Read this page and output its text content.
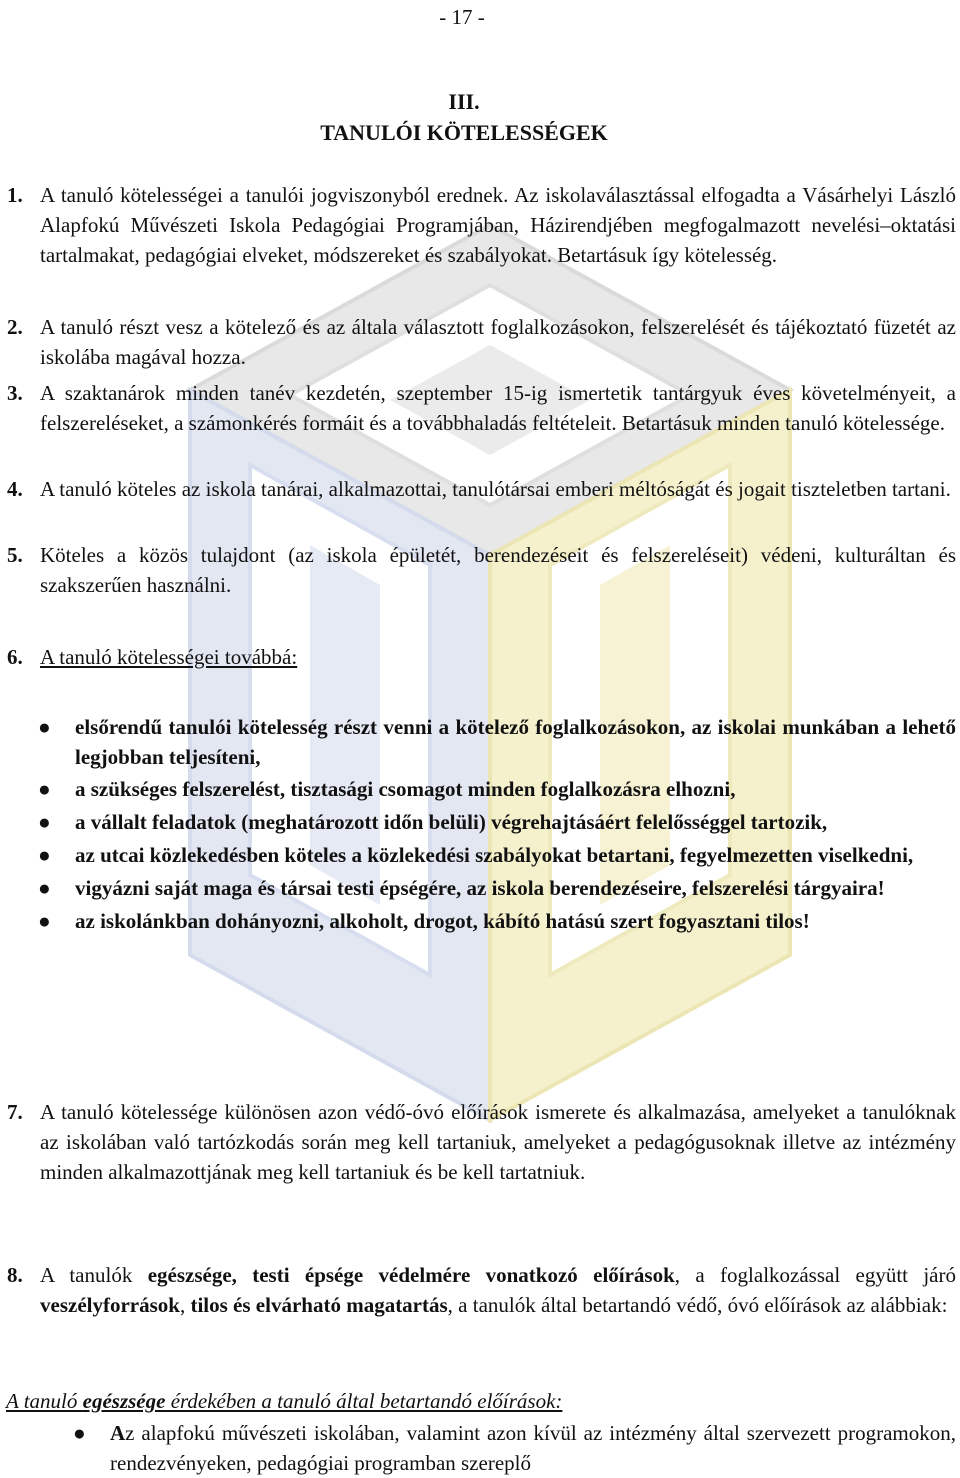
- 17 -
III.
TANULÓI KÖTELESSÉGEK
1. A tanuló kötelességei a tanulói jogviszonyból erednek. Az iskolaválasztással elfogadta a Vásárhelyi László Alapfokú Művészeti Iskola Pedagógiai Programjában, Házirendjében megfogalmazott nevelési–oktatási tartalmakat, pedagógiai elveket, módszereket és szabályokat. Betartásuk így kötelesség.
2. A tanuló részt vesz a kötelező és az általa választott foglalkozásokon, felszerelését és tájékoztató füzetét az iskolába magával hozza.
3. A szaktanárok minden tanév kezdetén, szeptember 15-ig ismertetik tantárgyuk éves követelményeit, a felszereléseket, a számonkérés formáit és a továbbhaladás feltételeit. Betartásuk minden tanuló kötelessége.
4. A tanuló köteles az iskola tanárai, alkalmazottai, tanulótársai emberi méltóságát és jogait tiszteletben tartani.
5. Köteles a közös tulajdont (az iskola épületét, berendezéseit és felszereléseit) védeni, kulturáltan és szakszerűen használni.
6. A tanuló kötelességei továbbá:
● elsőrendű tanulói kötelesség részt venni a kötelező foglalkozásokon, az iskolai munkában a lehető legjobban teljesíteni,
● a szükséges felszerelést, tisztasági csomagot minden foglalkozásra elhozni,
● a vállalt feladatok (meghatározott időn belüli) végrehajtásáért felelősséggel tartozik,
● az utcai közlekedésben köteles a közlekedési szabályokat betartani, fegyelmezetten viselkedni,
● vigyázni saját maga és társai testi épségére, az iskola berendezéseire, felszerelési tárgyaira!
● az iskolánkban dohányozni, alkoholt, drogot, kábító hatású szert fogyasztani tilos!
7. A tanuló kötelessége különösen azon védő-óvó előírások ismerete és alkalmazása, amelyeket a tanulóknak az iskolában való tartózkodás során meg kell tartaniuk, amelyeket a pedagógusoknak illetve az intézmény minden alkalmazottjának meg kell tartaniuk és be kell tartatniuk.
8. A tanulók egészsége, testi épsége védelmére vonatkozó előírások, a foglalkozással együtt járó veszélyforrások, tilos és elvárható magatartás, a tanulók által betartandó védő, óvó előírások az alábbiak:
A tanuló egészsége érdekében a tanuló által betartandó előírások:
● Az alapfokú művészeti iskolában, valamint azon kívül az intézmény által szervezett programokon, rendezvényeken, pedagógiai programban szereplő
